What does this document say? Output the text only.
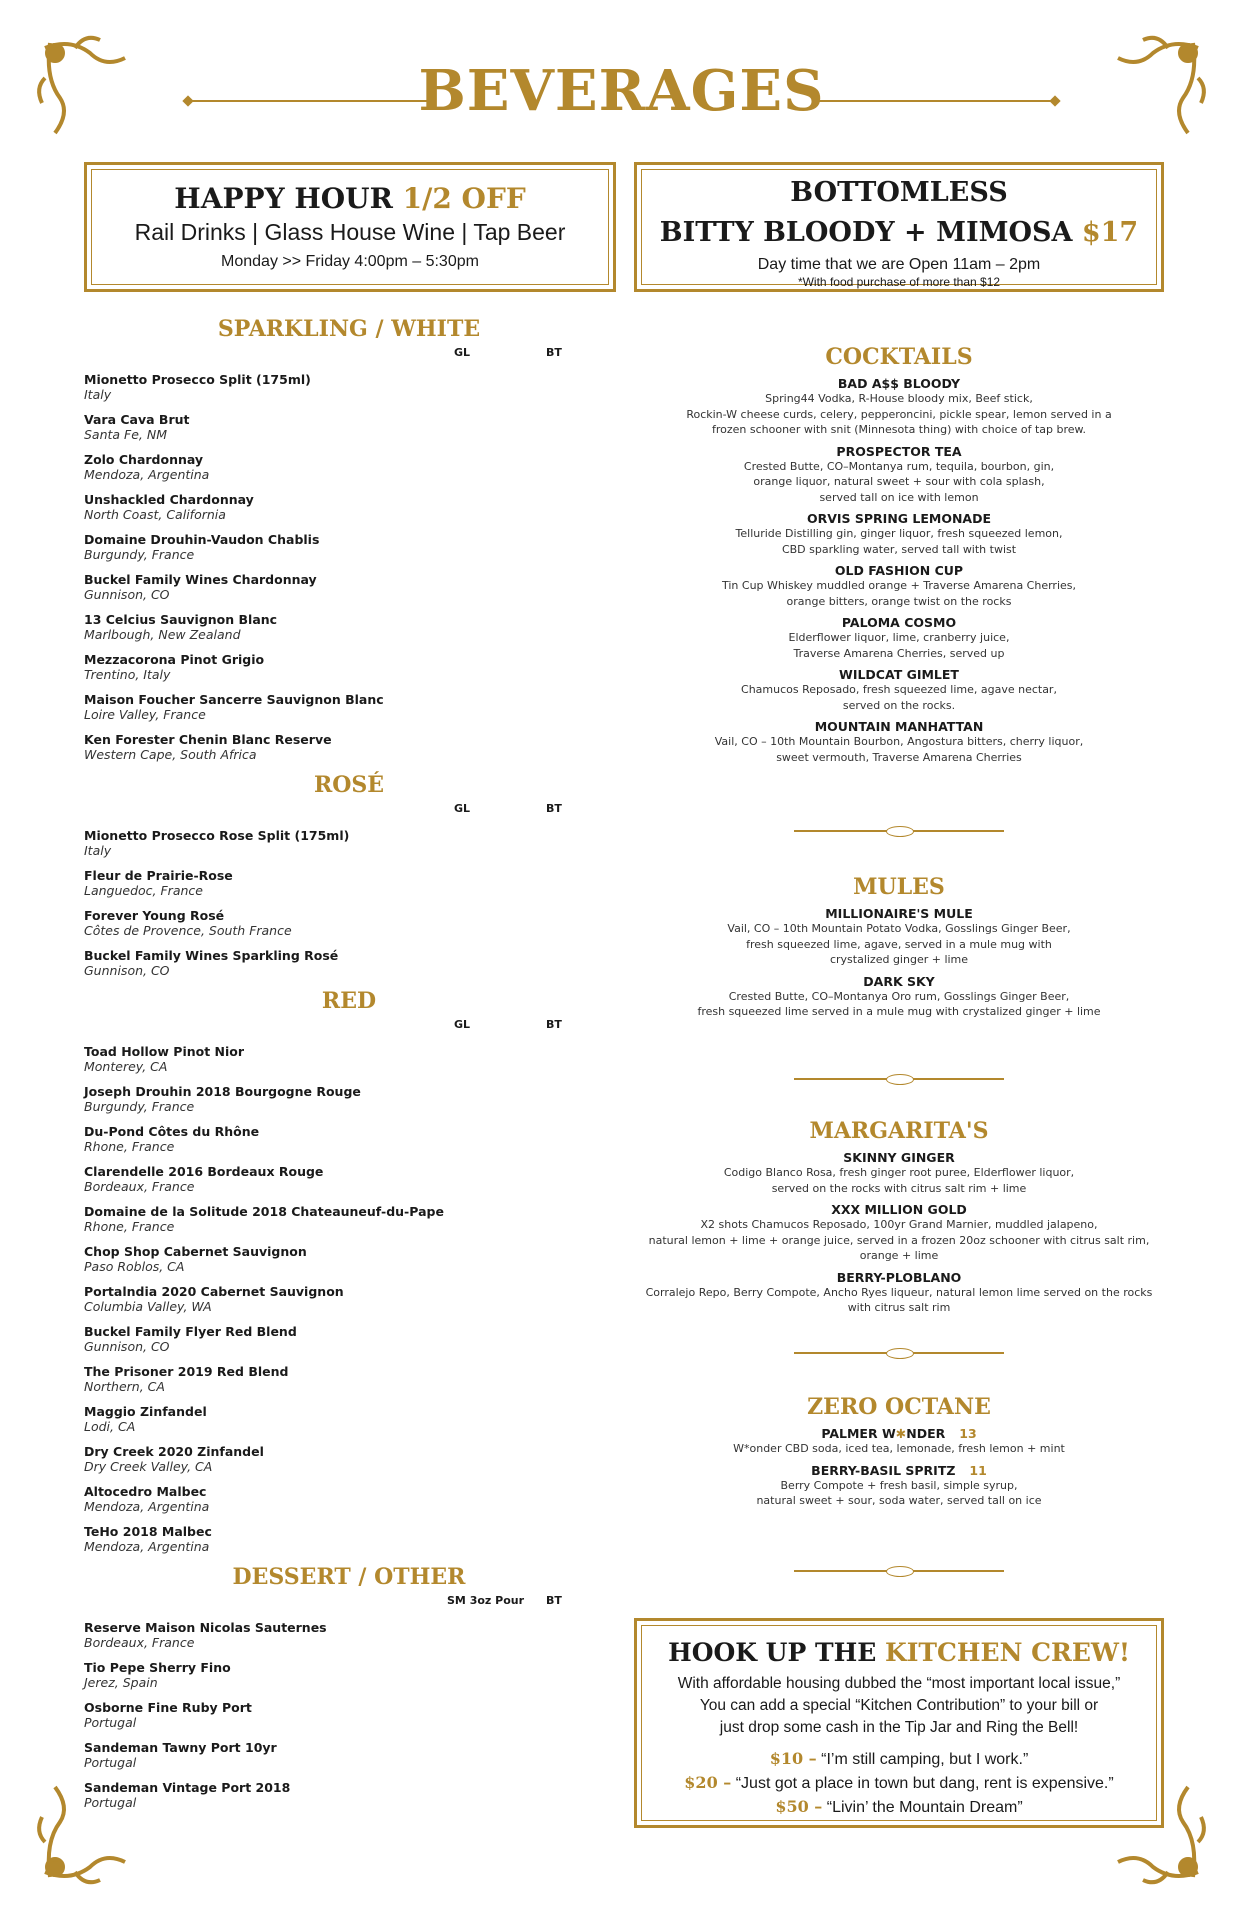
BEVERAGES
HAPPY HOUR 1/2 OFF
Rail Drinks | Glass House Wine | Tap Beer
Monday >> Friday 4:00pm – 5:30pm
BOTTOMLESS
BITTY BLOODY + MIMOSA $17
Day time that we are Open 11am – 2pm
*With food purchase of more than $12
SPARKLING / WHITE
GL	BT
Mionetto Prosecco Split (175ml)
Italy
Vara Cava Brut
Santa Fe, NM
Zolo Chardonnay
Mendoza, Argentina
Unshackled Chardonnay
North Coast, California
Domaine Drouhin-Vaudon Chablis
Burgundy, France
Buckel Family Wines Chardonnay
Gunnison, CO
13 Celcius Sauvignon Blanc
Marlbough, New Zealand
Mezzacorona Pinot Grigio
Trentino, Italy
Maison Foucher Sancerre Sauvignon Blanc
Loire Valley, France
Ken Forester Chenin Blanc Reserve
Western Cape, South Africa
ROSÉ
GL	BT
Mionetto Prosecco Rose Split (175ml)
Italy
Fleur de Prairie-Rose
Languedoc, France
Forever Young Rosé
Côtes de Provence, South France
Buckel Family Wines Sparkling Rosé
Gunnison, CO
RED
GL	BT
Toad Hollow Pinot Nior
Monterey, CA
Joseph Drouhin 2018 Bourgogne Rouge
Burgundy, France
Du-Pond Côtes du Rhône
Rhone, France
Clarendelle 2016 Bordeaux Rouge
Bordeaux, France
Domaine de la Solitude 2018 Chateauneuf-du-Pape
Rhone, France
Chop Shop Cabernet Sauvignon
Paso Roblos, CA
Portalndia 2020 Cabernet Sauvignon
Columbia Valley, WA
Buckel Family Flyer Red Blend
Gunnison, CO
The Prisoner 2019 Red Blend
Northern, CA
Maggio Zinfandel
Lodi, CA
Dry Creek 2020 Zinfandel
Dry Creek Valley, CA
Altocedro Malbec
Mendoza, Argentina
TeHo 2018 Malbec
Mendoza, Argentina
DESSERT / OTHER
SM 3oz Pour BT
Reserve Maison Nicolas Sauternes
Bordeaux, France
Tio Pepe Sherry Fino
Jerez, Spain
Osborne Fine Ruby Port
Portugal
Sandeman Tawny Port 10yr
Portugal
Sandeman Vintage Port 2018
Portugal
COCKTAILS
BAD A$$ BLOODY
Spring44 Vodka, R-House bloody mix, Beef stick,
Rockin-W cheese curds, celery, pepperoncini, pickle spear, lemon served in a
frozen schooner with snit (Minnesota thing) with choice of tap brew.
PROSPECTOR TEA
Crested Butte, CO–Montanya rum, tequila, bourbon, gin,
orange liquor, natural sweet + sour with cola splash,
served tall on ice with lemon
ORVIS SPRING LEMONADE
Telluride Distilling gin, ginger liquor, fresh squeezed lemon,
CBD sparkling water, served tall with twist
OLD FASHION CUP
Tin Cup Whiskey muddled orange + Traverse Amarena Cherries,
orange bitters, orange twist on the rocks
PALOMA COSMO
Elderflower liquor, lime, cranberry juice,
Traverse Amarena Cherries, served up
WILDCAT GIMLET
Chamucos Reposado, fresh squeezed lime, agave nectar,
served on the rocks.
MOUNTAIN MANHATTAN
Vail, CO – 10th Mountain Bourbon, Angostura bitters, cherry liquor,
sweet vermouth, Traverse Amarena Cherries
MULES
MILLIONAIRE'S MULE
Vail, CO – 10th Mountain Potato Vodka, Gosslings Ginger Beer,
fresh squeezed lime, agave, served in a mule mug with
crystalized ginger + lime
DARK SKY
Crested Butte, CO–Montanya Oro rum, Gosslings Ginger Beer,
fresh squeezed lime served in a mule mug with crystalized ginger + lime
MARGARITA'S
SKINNY GINGER
Codigo Blanco Rosa, fresh ginger root puree, Elderflower liquor,
served on the rocks with citrus salt rim + lime
XXX MILLION GOLD
X2 shots Chamucos Reposado, 100yr Grand Marnier, muddled jalapeno,
natural lemon + lime + orange juice, served in a frozen 20oz schooner with citrus salt rim,
orange + lime
BERRY-PLOBLANO
Corralejo Repo, Berry Compote, Ancho Ryes liqueur, natural lemon lime served on the rocks
with citrus salt rim
ZERO OCTANE
PALMER W✱NDER 13
W*onder CBD soda, iced tea, lemonade, fresh lemon + mint
BERRY-BASIL SPRITZ 11
Berry Compote + fresh basil, simple syrup,
natural sweet + sour, soda water, served tall on ice
HOOK UP THE KITCHEN CREW!
With affordable housing dubbed the “most important local issue,”
You can add a special “Kitchen Contribution” to your bill or
just drop some cash in the Tip Jar and Ring the Bell!
$10 – “I’m still camping, but I work.”
$20 – “Just got a place in town but dang, rent is expensive.”
$50 – “Livin’ the Mountain Dream”
